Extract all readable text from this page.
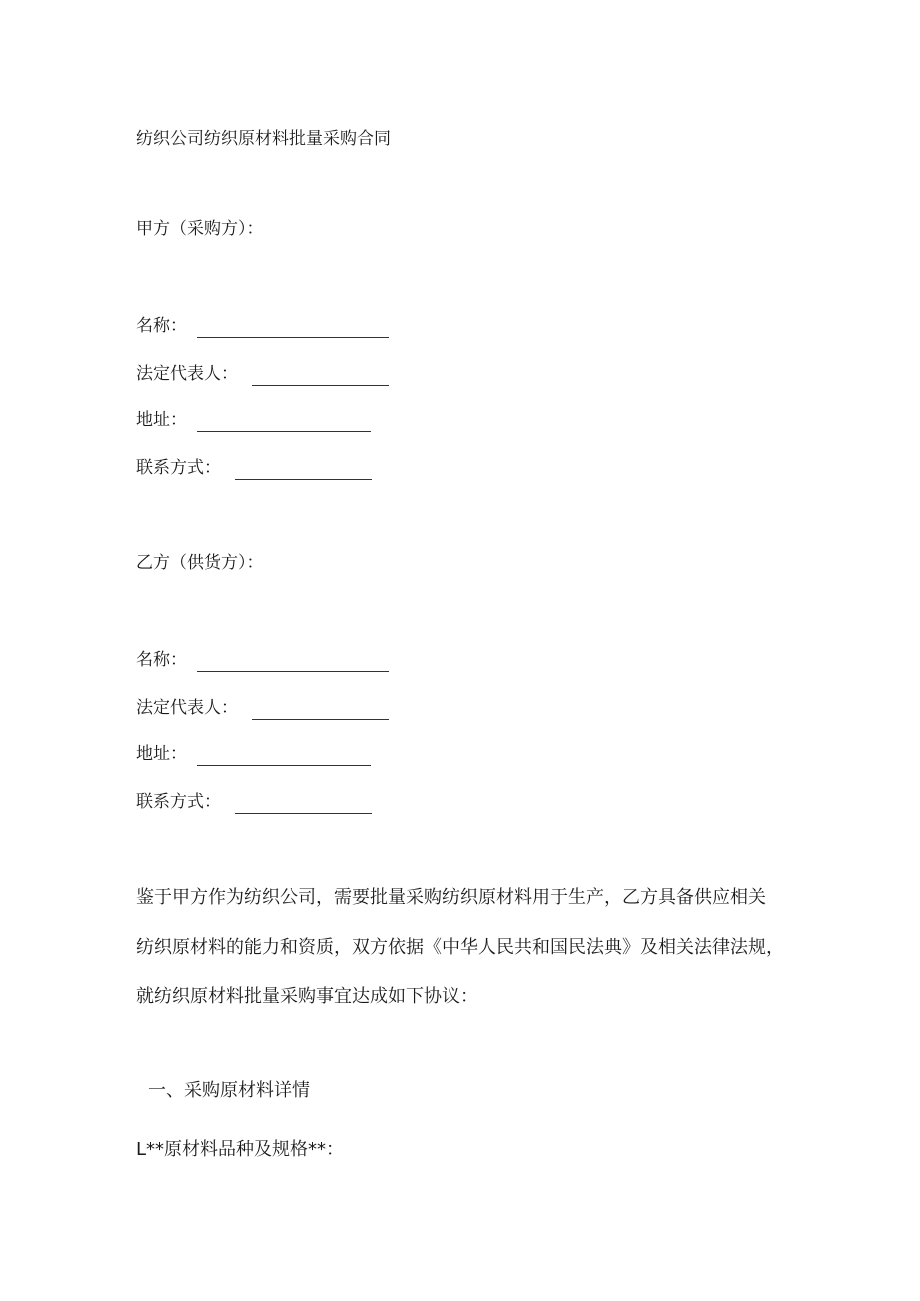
纺织公司纺织原材料批量采购合同
甲方（采购方）：
名称：
法定代表人：
地址：
联系方式：
乙方（供货方）：
名称：
法定代表人：
地址：
联系方式：
鉴于甲方作为纺织公司，需要批量采购纺织原材料用于生产，乙方具备供应相关
纺织原材料的能力和资质，双方依据《中华人民共和国民法典》及相关法律法规，
就纺织原材料批量采购事宜达成如下协议：
一、采购原材料详情
L**原材料品种及规格**：
